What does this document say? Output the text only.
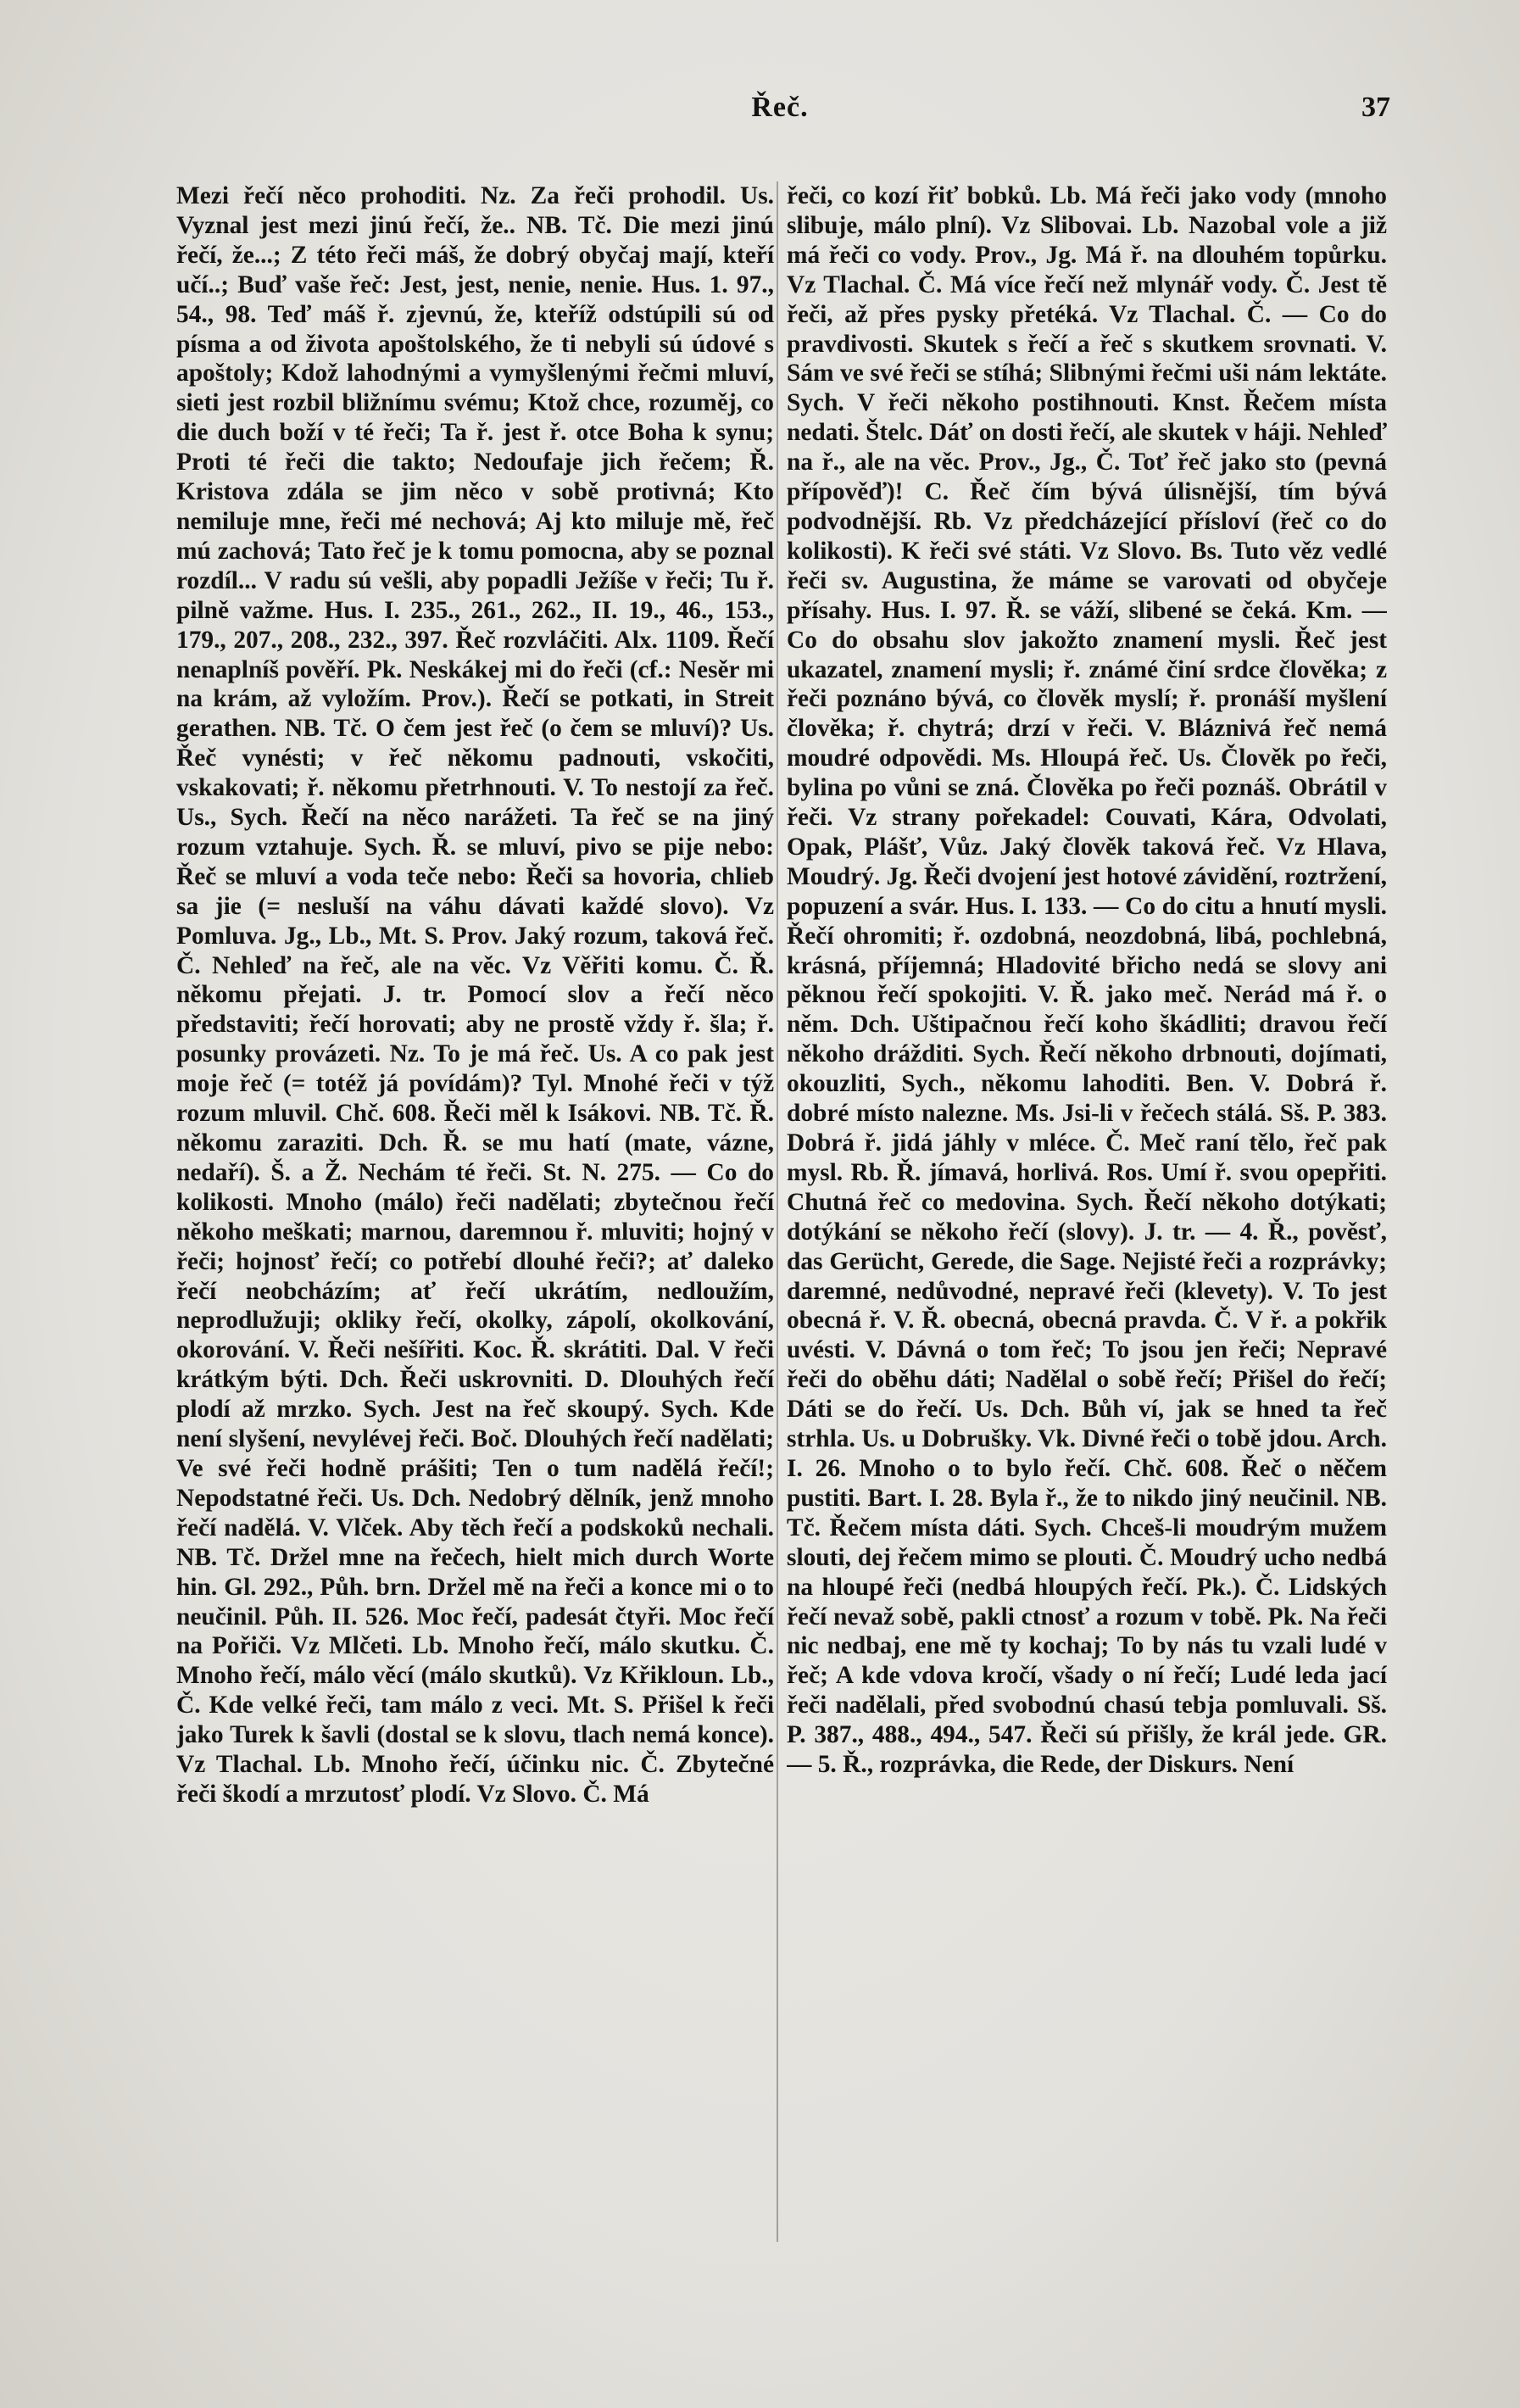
Řeč.	37
Mezi řečí něco prohoditi. Nz. Za řeči prohodil. Us. Vyznal jest mezi jinú řečí, že.. NB. Tč. Die mezi jinú řečí, že...; Z této řeči máš, že dobrý obyčaj mají, kteří učí..; Buď vaše řeč: Jest, jest, nenie, nenie. Hus. 1. 97., 54., 98. Teď máš ř. zjevnú, že, kteříž odstúpili sú od písma a od života apoštolského, že ti nebyli sú údové s apoštoly; Kdož lahodnými a vymyšlenými řečmi mluví, sieti jest rozbil bližnímu svému; Ktož chce, rozuměj, co die duch boží v té řeči; Ta ř. jest ř. otce Boha k synu; Proti té řeči die takto; Nedoufaje jich řečem; Ř. Kristova zdála se jim něco v sobě protivná; Kto nemiluje mne, řeči mé nechová; Aj kto miluje mě, řeč mú zachová; Tato řeč je k tomu pomocna, aby se poznal rozdíl... V radu sú vešli, aby popadli Ježíše v řeči; Tu ř. pilně važme. Hus. I. 235., 261., 262., II. 19., 46., 153., 179., 207., 208., 232., 397. Řeč rozvláčiti. Alx. 1109. Řečí nenaplníš pověří. Pk. Neskákej mi do řeči (cf.: Nesěr mi na krám, až vyložím. Prov.). Řečí se potkati, in Streit gerathen. NB. Tč. O čem jest řeč (o čem se mluví)? Us. Řeč vynésti; v řeč někomu padnouti, vskočiti, vskakovati; ř. někomu přetrhnouti. V. To nestojí za řeč. Us., Sych. Řečí na něco narážeti. Ta řeč se na jiný rozum vztahuje. Sych. Ř. se mluví, pivo se pije nebo: Řeč se mluví a voda teče nebo: Řeči sa hovoria, chlieb sa jie (= nesluší na váhu dávati každé slovo). Vz Pomluva. Jg., Lb., Mt. S. Prov. Jaký rozum, taková řeč. Č. Nehleď na řeč, ale na věc. Vz Věřiti komu. Č. Ř. někomu přejati. J. tr. Pomocí slov a řečí něco představiti; řečí horovati; aby ne prostě vždy ř. šla; ř. posunky provázeti. Nz. To je má řeč. Us. A co pak jest moje řeč (= totéž já povídám)? Tyl. Mnohé řeči v týž rozum mluvil. Chč. 608. Řeči měl k Isákovi. NB. Tč. Ř. někomu zaraziti. Dch. Ř. se mu hatí (mate, vázne, nedaří). Š. a Ž. Nechám té řeči. St. N. 275. — Co do kolikosti. Mnoho (málo) řeči nadělati; zbytečnou řečí někoho meškati; marnou, daremnou ř. mluviti; hojný v řeči; hojnosť řečí; co potřebí dlouhé řeči?; ať daleko řečí neobcházím; ať řečí ukrátím, nedloužím, neprodlužuji; okliky řečí, okolky, zápolí, okolkování, okorování. V. Řeči nešířiti. Koc. Ř. skrátiti. Dal. V řeči krátkým býti. Dch. Řeči uskrovniti. D. Dlouhých řečí plodí až mrzko. Sych. Jest na řeč skoupý. Sych. Kde není slyšení, nevylévej řeči. Boč. Dlouhých řečí nadělati; Ve své řeči hodně prášiti; Ten o tum nadělá řečí!; Nepodstatné řeči. Us. Dch. Nedobrý dělník, jenž mnoho řečí nadělá. V. Vlček. Aby těch řečí a podskoků nechali. NB. Tč. Držel mne na řečech, hielt mich durch Worte hin. Gl. 292., Půh. brn. Držel mě na řeči a konce mi o to neučinil. Půh. II. 526. Moc řečí, padesát čtyři. Moc řečí na Pořiči. Vz Mlčeti. Lb. Mnoho řečí, málo skutku. Č. Mnoho řečí, málo věcí (málo skutků). Vz Křikloun. Lb., Č. Kde velké řeči, tam málo z veci. Mt. S. Přišel k řeči jako Turek k šavli (dostal se k slovu, tlach nemá konce). Vz Tlachal. Lb. Mnoho řečí, účinku nic. Č. Zbytečné řeči škodí a mrzutosť plodí. Vz Slovo. Č. Má
řeči, co kozí řiť bobků. Lb. Má řeči jako vody (mnoho slibuje, málo plní). Vz Slibovai. Lb. Nazobal vole a již má řeči co vody. Prov., Jg. Má ř. na dlouhém topůrku. Vz Tlachal. Č. Má více řečí než mlynář vody. Č. Jest tě řeči, až přes pysky přetéká. Vz Tlachal. Č. — Co do pravdivosti. Skutek s řečí a řeč s skutkem srovnati. V. Sám ve své řeči se stíhá; Slibnými řečmi uši nám lektáte. Sych. V řeči někoho postihnouti. Knst. Řečem místa nedati. Štelc. Dáť on dosti řečí, ale skutek v háji. Nehleď na ř., ale na věc. Prov., Jg., Č. Toť řeč jako sto (pevná přípověď)! C. Řeč čím bývá úlisnější, tím bývá podvodnější. Rb. Vz předcházející přísloví (řeč co do kolikosti). K řeči své státi. Vz Slovo. Bs. Tuto věz vedlé řeči sv. Augustina, že máme se varovati od obyčeje přísahy. Hus. I. 97. Ř. se váží, slibené se čeká. Km. — Co do obsahu slov jakožto znamení mysli. Řeč jest ukazatel, znamení mysli; ř. známé činí srdce člověka; z řeči poznáno bývá, co člověk myslí; ř. pronáší myšlení člověka; ř. chytrá; drzí v řeči. V. Bláznivá řeč nemá moudré odpovědi. Ms. Hloupá řeč. Us. Člověk po řeči, bylina po vůni se zná. Člověka po řeči poznáš. Obrátil v řeči. Vz strany pořekadel: Couvati, Kára, Odvolati, Opak, Plášť, Vůz. Jaký člověk taková řeč. Vz Hlava, Moudrý. Jg. Řeči dvojení jest hotové závidění, roztržení, popuzení a svár. Hus. I. 133. — Co do citu a hnutí mysli. Řečí ohromiti; ř. ozdobná, neozdobná, libá, pochlebná, krásná, příjemná; Hladovité břicho nedá se slovy ani pěknou řečí spokojiti. V. Ř. jako meč. Nerád má ř. o něm. Dch. Uštipačnou řečí koho škádliti; dravou řečí někoho drážditi. Sych. Řečí někoho drbnouti, dojímati, okouzliti, Sych., někomu lahoditi. Ben. V. Dobrá ř. dobré místo nalezne. Ms. Jsi-li v řečech stálá. Sš. P. 383. Dobrá ř. jidá jáhly v mléce. Č. Meč raní tělo, řeč pak mysl. Rb. Ř. jímavá, horlivá. Ros. Umí ř. svou opepřiti. Chutná řeč co medovina. Sych. Řečí někoho dotýkati; dotýkání se někoho řečí (slovy). J. tr. — 4. Ř., pověsť, das Gerücht, Gerede, die Sage. Nejisté řeči a rozprávky; daremné, nedůvodné, nepravé řeči (klevety). V. To jest obecná ř. V. Ř. obecná, obecná pravda. Č. V ř. a pokřik uvésti. V. Dávná o tom řeč; To jsou jen řeči; Nepravé řeči do oběhu dáti; Nadělal o sobě řečí; Přišel do řečí; Dáti se do řečí. Us. Dch. Bůh ví, jak se hned ta řeč strhla. Us. u Dobrušky. Vk. Divné řeči o tobě jdou. Arch. I. 26. Mnoho o to bylo řečí. Chč. 608. Řeč o něčem pustiti. Bart. I. 28. Byla ř., že to nikdo jiný neučinil. NB. Tč. Řečem místa dáti. Sych. Chceš-li moudrým mužem slouti, dej řečem mimo se plouti. Č. Moudrý ucho nedbá na hloupé řeči (nedbá hloupých řečí. Pk.). Č. Lidských řečí nevaž sobě, pakli ctnosť a rozum v tobě. Pk. Na řeči nic nedbaj, ene mě ty kochaj; To by nás tu vzali ludé v řeč; A kde vdova kročí, všady o ní řečí; Ludé leda jací řeči nadělali, před svobodnú chasú tebja pomluvali. Sš. P. 387., 488., 494., 547. Řeči sú přišly, že král jede. GR. — 5. Ř., rozprávka, die Rede, der Diskurs. Není
